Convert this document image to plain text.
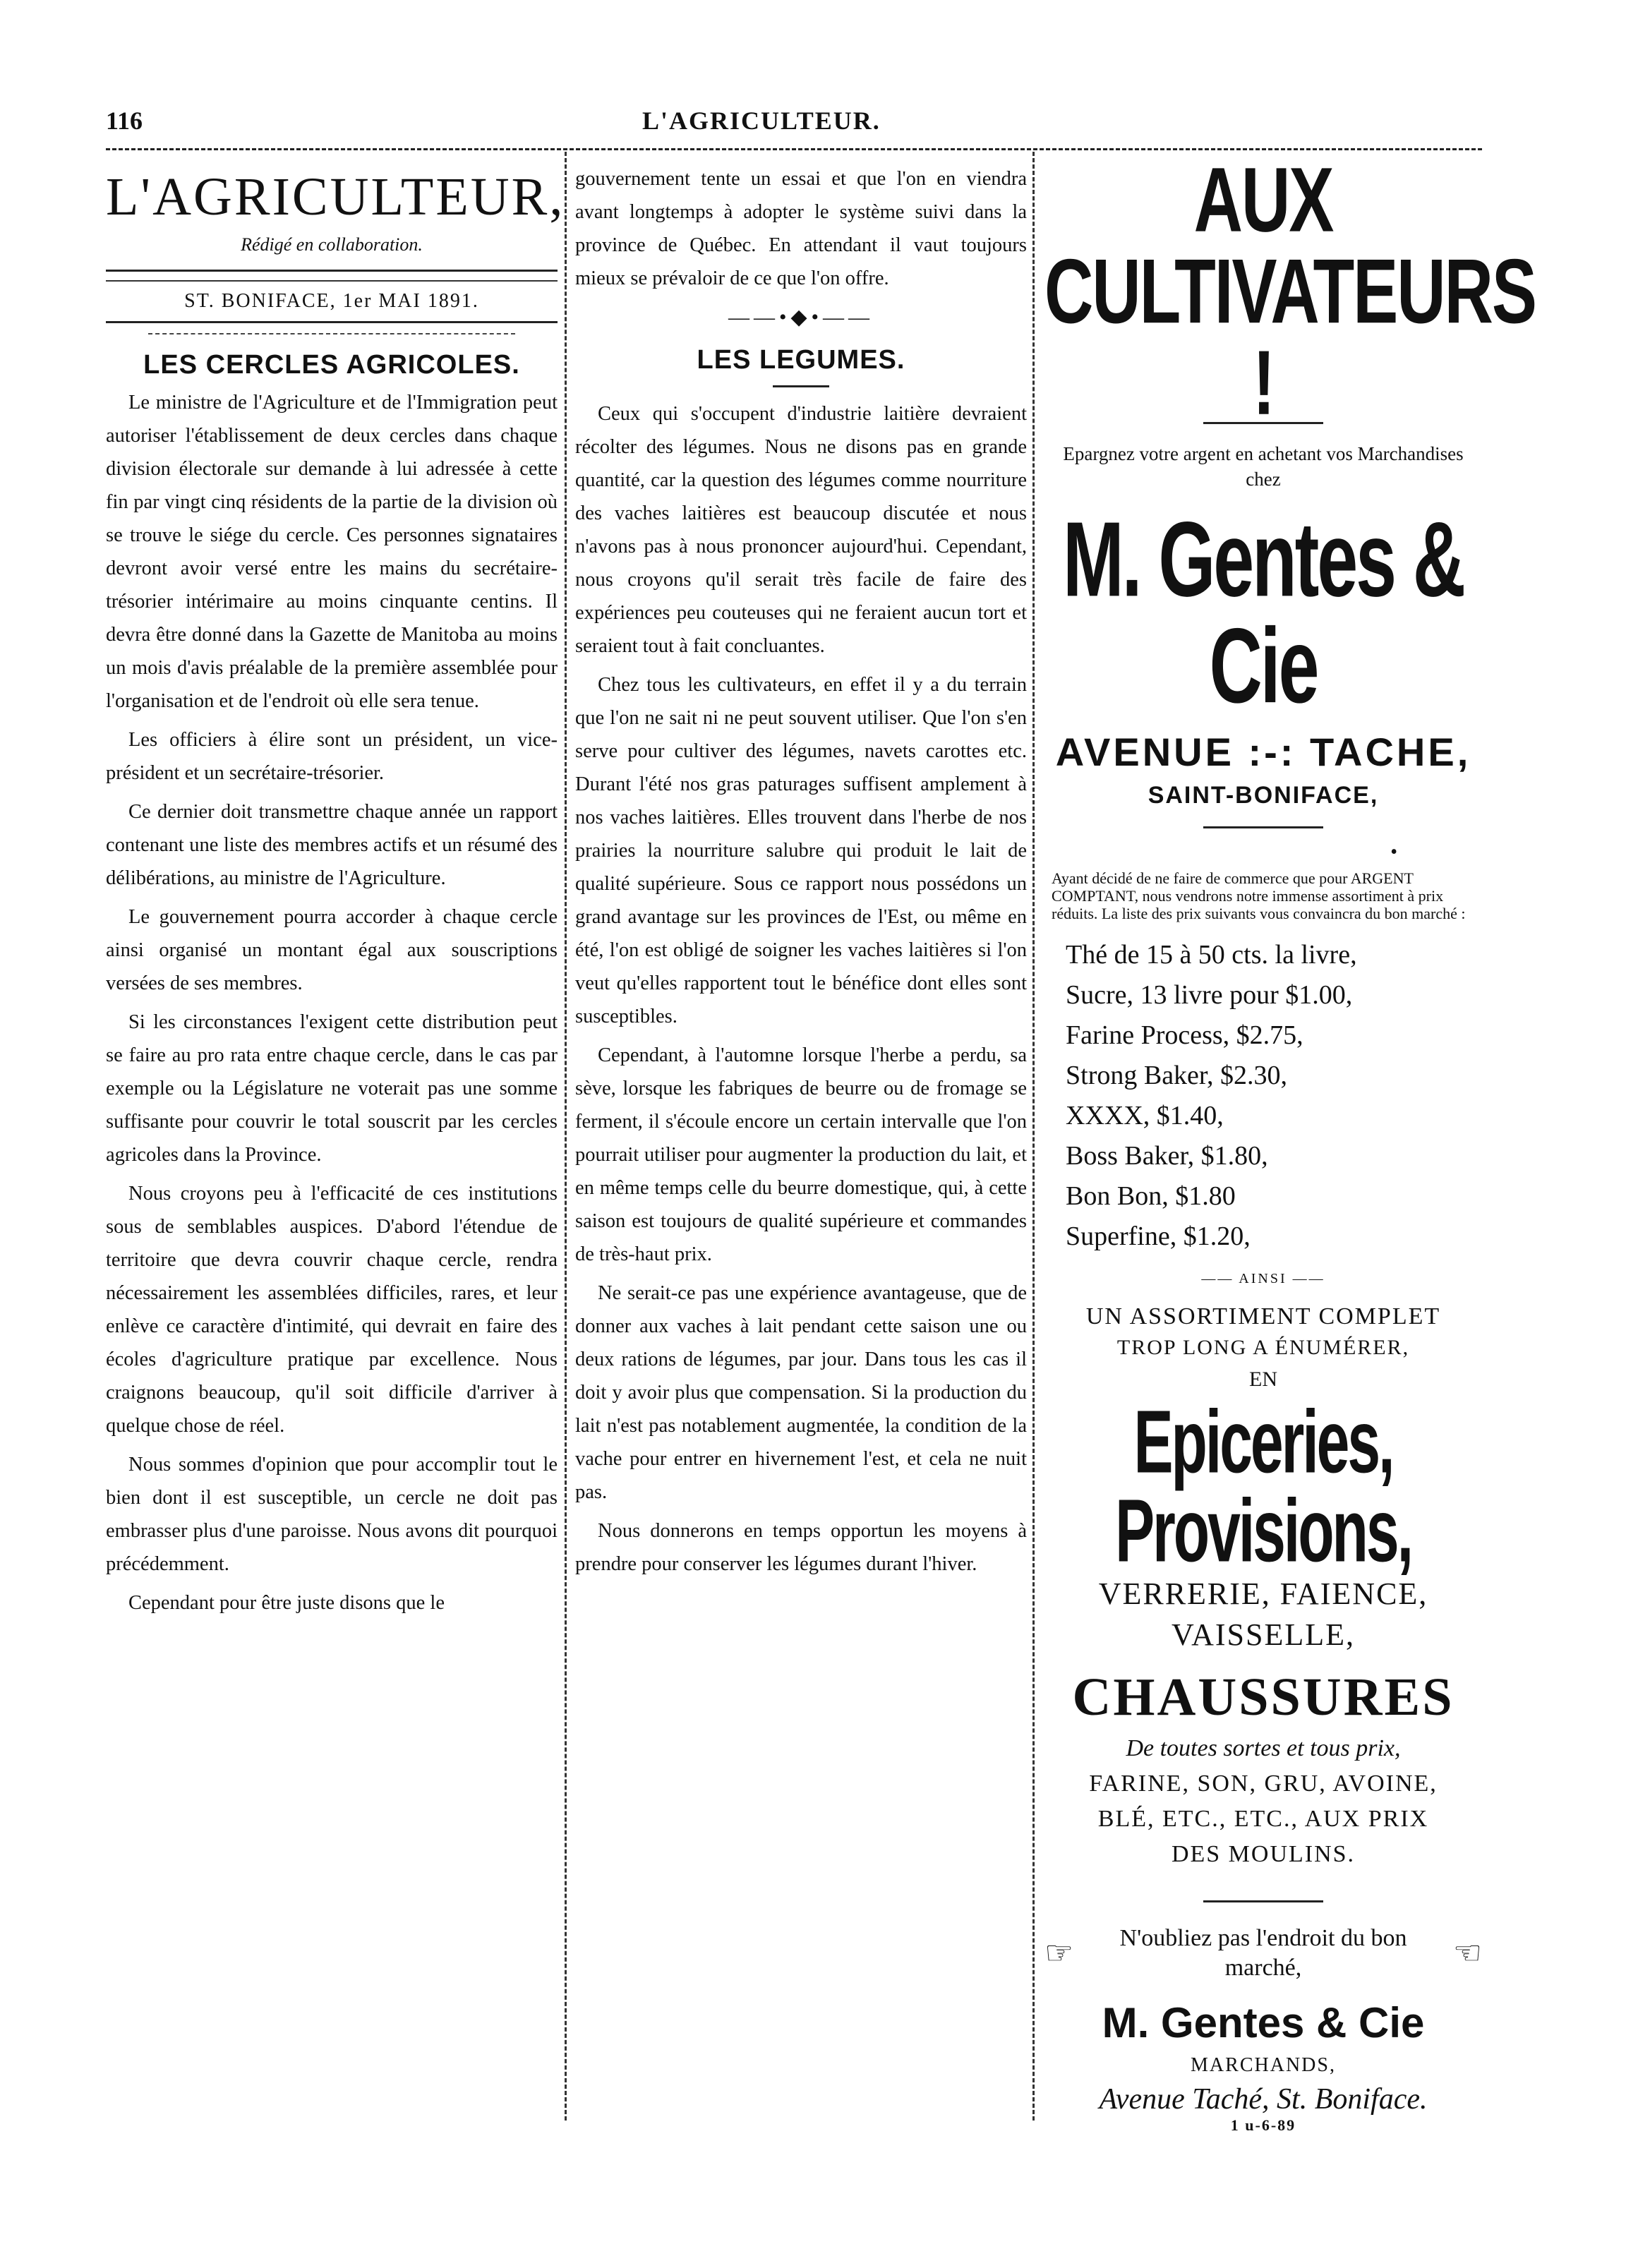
116	L'AGRICULTEUR.
L'AGRICULTEUR,
Rédigé en collaboration.
ST. BONIFACE, 1er MAI 1891.
LES CERCLES AGRICOLES.

Le ministre de l'Agriculture et de l'Immigration peut autoriser l'établissement de deux cercles dans chaque division électorale sur demande à lui adressée à cette fin par vingt cinq résidents de la partie de la division où se trouve le siége du cercle. Ces personnes signataires devront avoir versé entre les mains du secrétaire-trésorier intérimaire au moins cinquante centins. Il devra être donné dans la Gazette de Manitoba au moins un mois d'avis préalable de la première assemblée pour l'organisation et de l'endroit où elle sera tenue.

Les officiers à élire sont un président, un vice-président et un secrétaire-trésorier.

Ce dernier doit transmettre chaque année un rapport contenant une liste des membres actifs et un résumé des délibérations, au ministre de l'Agriculture.

Le gouvernement pourra accorder à chaque cercle ainsi organisé un montant égal aux souscriptions versées de ses membres.

Si les circonstances l'exigent cette distribution peut se faire au pro rata entre chaque cercle, dans le cas par exemple ou la Législature ne voterait pas une somme suffisante pour couvrir le total souscrit par les cercles agricoles dans la Province.

Nous croyons peu à l'efficacité de ces institutions sous de semblables auspices. D'abord l'étendue de territoire que devra couvrir chaque cercle, rendra nécessairement les assemblées difficiles, rares, et leur enlève ce caractère d'intimité, qui devrait en faire des écoles d'agriculture pratique par excellence. Nous craignons beaucoup, qu'il soit difficile d'arriver à quelque chose de réel.

Nous sommes d'opinion que pour accomplir tout le bien dont il est susceptible, un cercle ne doit pas embrasser plus d'une paroisse. Nous avons dit pourquoi précédemment.

Cependant pour être juste disons que le

gouvernement tente un essai et que l'on en viendra avant longtemps à adopter le système suivi dans la province de Québec. En attendant il vaut toujours mieux se prévaloir de ce que l'on offre.

——•◆•——
LES LEGUMES.

Ceux qui s'occupent d'industrie laitière devraient récolter des légumes. Nous ne disons pas en grande quantité, car la question des légumes comme nourriture des vaches laitières est beaucoup discutée et nous n'avons pas à nous prononcer aujourd'hui. Cependant, nous croyons qu'il serait très facile de faire des expériences peu couteuses qui ne feraient aucun tort et seraient tout à fait concluantes.

Chez tous les cultivateurs, en effet il y a du terrain que l'on ne sait ni ne peut souvent utiliser. Que l'on s'en serve pour cultiver des légumes, navets carottes etc. Durant l'été nos gras paturages suffisent amplement à nos vaches laitières. Elles trouvent dans l'herbe de nos prairies la nourriture salubre qui produit le lait de qualité supérieure. Sous ce rapport nous possédons un grand avantage sur les provinces de l'Est, ou même en été, l'on est obligé de soigner les vaches laitières si l'on veut qu'elles rapportent tout le bénéfice dont elles sont susceptibles.

Cependant, à l'automne lorsque l'herbe a perdu, sa sève, lorsque les fabriques de beurre ou de fromage se ferment, il s'écoule encore un certain intervalle que l'on pourrait utiliser pour augmenter la production du lait, et en même temps celle du beurre domestique, qui, à cette saison est toujours de qualité supérieure et commandes de très-haut prix.

Ne serait-ce pas une expérience avantageuse, que de donner aux vaches à lait pendant cette saison une ou deux rations de légumes, par jour. Dans tous les cas il doit y avoir plus que compensation. Si la production du lait n'est pas notablement augmentée, la condition de la vache pour entrer en hivernement l'est, et cela ne nuit pas.

Nous donnerons en temps opportun les moyens à prendre pour conserver les légumes durant l'hiver.

AUX CULTIVATEURS !
Epargnez votre argent en achetant vos Marchandises chez
M. Gentes & Cie
AVENUE :-: TACHE,
SAINT-BONIFACE,
•
Ayant décidé de ne faire de commerce que pour ARGENT COMPTANT, nous vendrons notre immense assortiment à prix réduits. La liste des prix suivants vous convaincra du bon marché :
Thé de 15 à 50 cts. la livre,
Sucre, 13 livre pour $1.00,
Farine Process, $2.75,
Strong Baker, $2.30,
XXXX, $1.40,
Boss Baker, $1.80,
Bon Bon, $1.80
Superfine, $1.20,
—— AINSI ——
UN ASSORTIMENT COMPLET
TROP LONG A ÉNUMÉRER,
EN
Epiceries, Provisions,
VERRERIE, FAIENCE,
VAISSELLE,
CHAUSSURES
De toutes sortes et tous prix,
FARINE, SON, GRU, AVOINE,
BLÉ, ETC., ETC., AUX PRIX
DES MOULINS.
☞	N'oubliez pas l'endroit du bon marché,	☜
M. Gentes & Cie
MARCHANDS,
Avenue Taché, St. Boniface.
1 u-6-89
